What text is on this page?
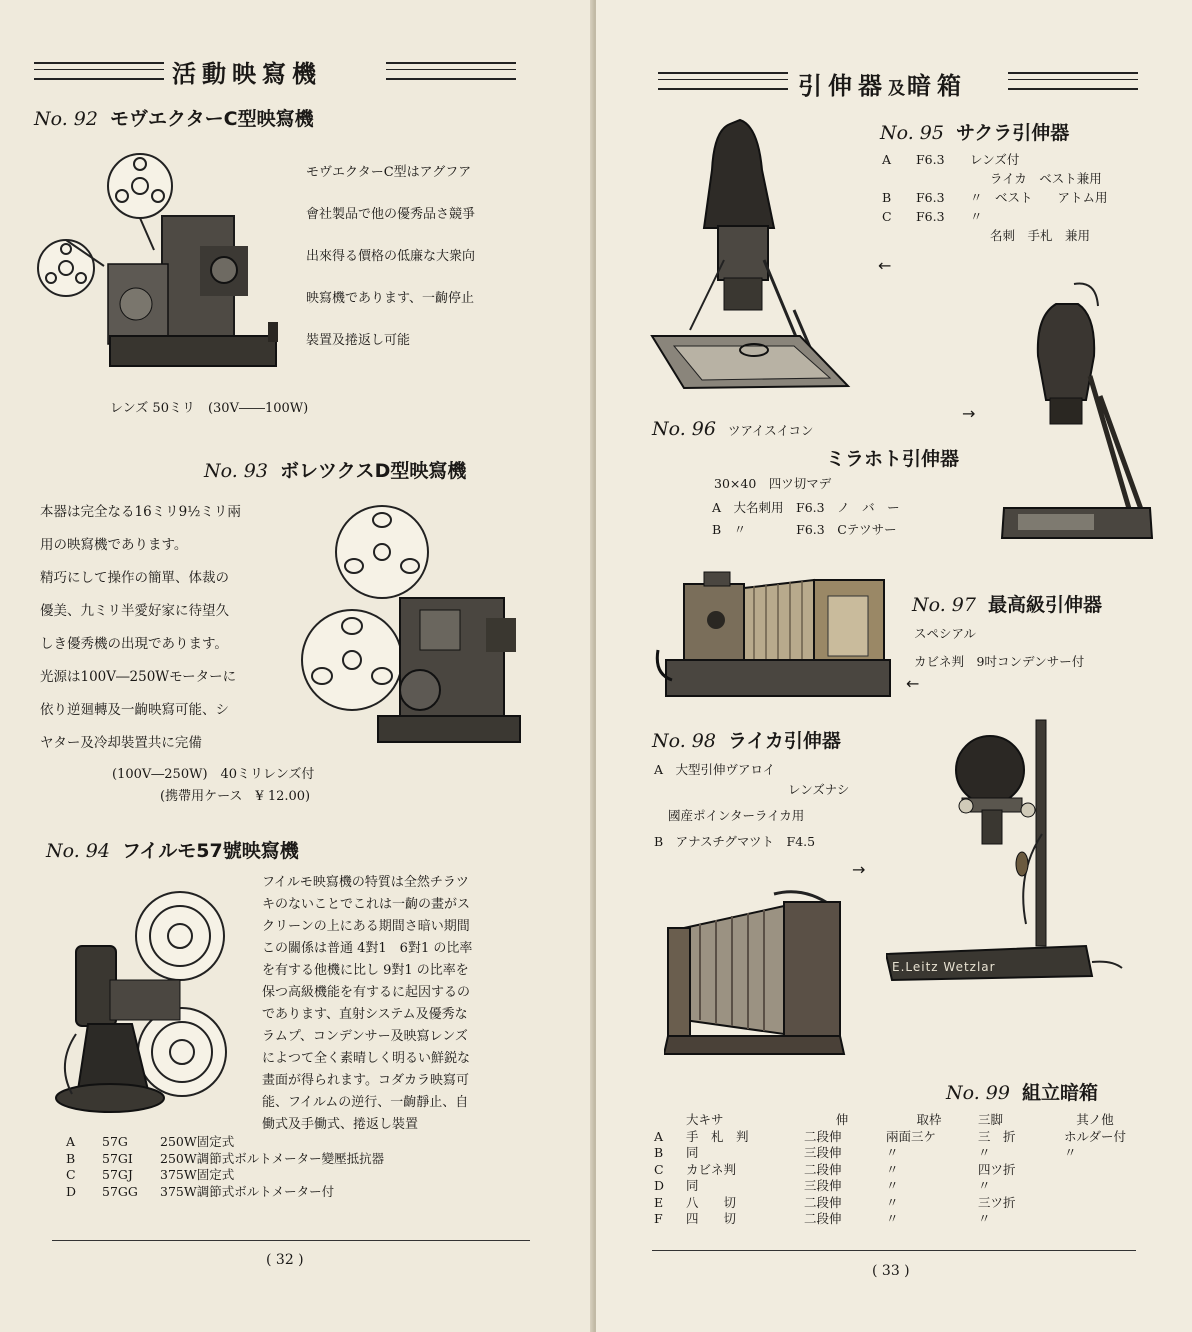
活動映寫機
No. 92 モヴエクターC型映寫機
モヴエクターC型はアグフア
會社製品で他の優秀品さ競爭
出來得る價格の低廉な大衆向
映寫機であります、一齣停止
裝置及捲返し可能
レンズ 50ミリ　(30V――100W)
No. 93 ボレツクスD型映寫機
本器は完全なる16ミリ9½ミリ兩
用の映寫機であります。
精巧にして操作の簡單、体裁の
優美、九ミリ半愛好家に待望久
しき優秀機の出現であります。
光源は100V―250Wモーターに
依り逆廻轉及一齣映寫可能、シ
ヤター及冷却裝置共に完備
(100V―250W)　40ミリレンズ付
(携帶用ケース　¥ 12.00)
No. 94 フイルモ57號映寫機
フイルモ映寫機の特質は全然チラツ
キのないことでこれは一齣の畫がス
クリーンの上にある期間さ暗い期間
この關係は普通 4對1　6對1 の比率
を有する他機に比し 9對1 の比率を
保つ高級機能を有するに起因するの
であります、直射システム及優秀な
ラムプ、コンデンサー及映寫レンズ
によつて全く素晴しく明るい鮮鋭な
畫面が得られます。コダカラ映寫可
能、フイルムの逆行、一齣靜止、自
働式及手働式、捲返し裝置
A	57G	250W固定式
B	57GI	250W調節式ボルトメーター變壓抵抗器
C	57GJ	375W固定式
D	57GG	375W調節式ボルトメーター付
( 32 )
引伸器及暗箱
No. 95 サクラ引伸器
A F6.3 レンズ付
ライカ　ベスト兼用
B F6.3 〃　ベスト　　アトム用
C F6.3 〃
名刺　手札　兼用
←
→
No. 96 ツアイスイコン
ミラホト引伸器
30×40　四ツ切マデ
A　大名刺用　F6.3　ノ　バ　ー
B　〃　　　　F6.3　Cテツサー
No. 97 最高級引伸器
スペシアル
カビネ判　9吋コンデンサー付
←
No. 98 ライカ引伸器
A　大型引伸ヴアロイ
レンズナシ
國産ポインターライカ用
B　アナスチグマツト　F4.5
→
E.Leitz Wetzlar
No. 99 組立暗箱
	大キサ	伸	取枠	三脚	其ノ他
A	手　札　判	二段伸	兩面三ケ	三　折	ホルダー付
B	同	三段伸	〃	〃	〃
C	カビネ判	二段伸	〃	四ツ折	
D	同	三段伸	〃	〃	
E	八　　切	二段伸	〃	三ツ折	
F	四　　切	二段伸	〃	〃	
( 33 )
